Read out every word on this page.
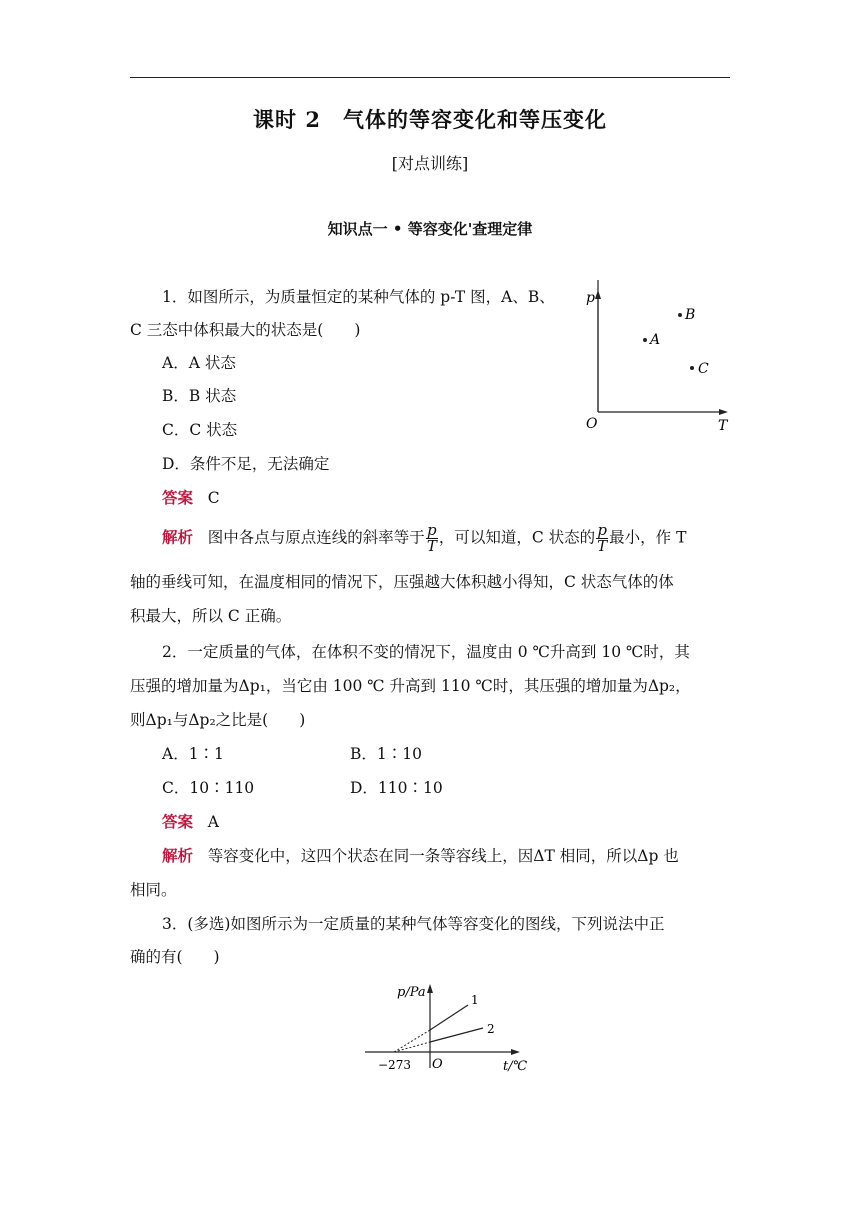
课时 2　气体的等容变化和等压变化
[对点训练]
知识点一 • 等容变化'查理定律
1．如图所示，为质量恒定的某种气体的 p-T 图，A、B、
C 三态中体积最大的状态是(　　)
A．A 状态
B．B 状态
C．C 状态
D．条件不足，无法确定
答案 C
解析 图中各点与原点连线的斜率等于 $\frac{p}{T}$ ，可以知道，C 状态的 $\frac{p}{T}$ 最小，作 T
轴的垂线可知，在温度相同的情况下，压强越大体积越小得知，C 状态气体的体
积最大，所以 C 正确。
p
T
O
A
B
C
2．一定质量的气体，在体积不变的情况下，温度由 0 ℃升高到 10 ℃时，其
压强的增加量为Δp₁，当它由 100 ℃ 升高到 110 ℃时，其压强的增加量为Δp₂，
则Δp₁与Δp₂之比是(　　)
A．1∶1	B．1∶10
C．10∶110	D．110∶10
答案 A
解析 等容变化中，这四个状态在同一条等容线上，因ΔT 相同，所以Δp 也
相同。
3．(多选)如图所示为一定质量的某种气体等容变化的图线，下列说法中正
确的有(　　)
p/Pa
t/℃
O
−273
1
2
